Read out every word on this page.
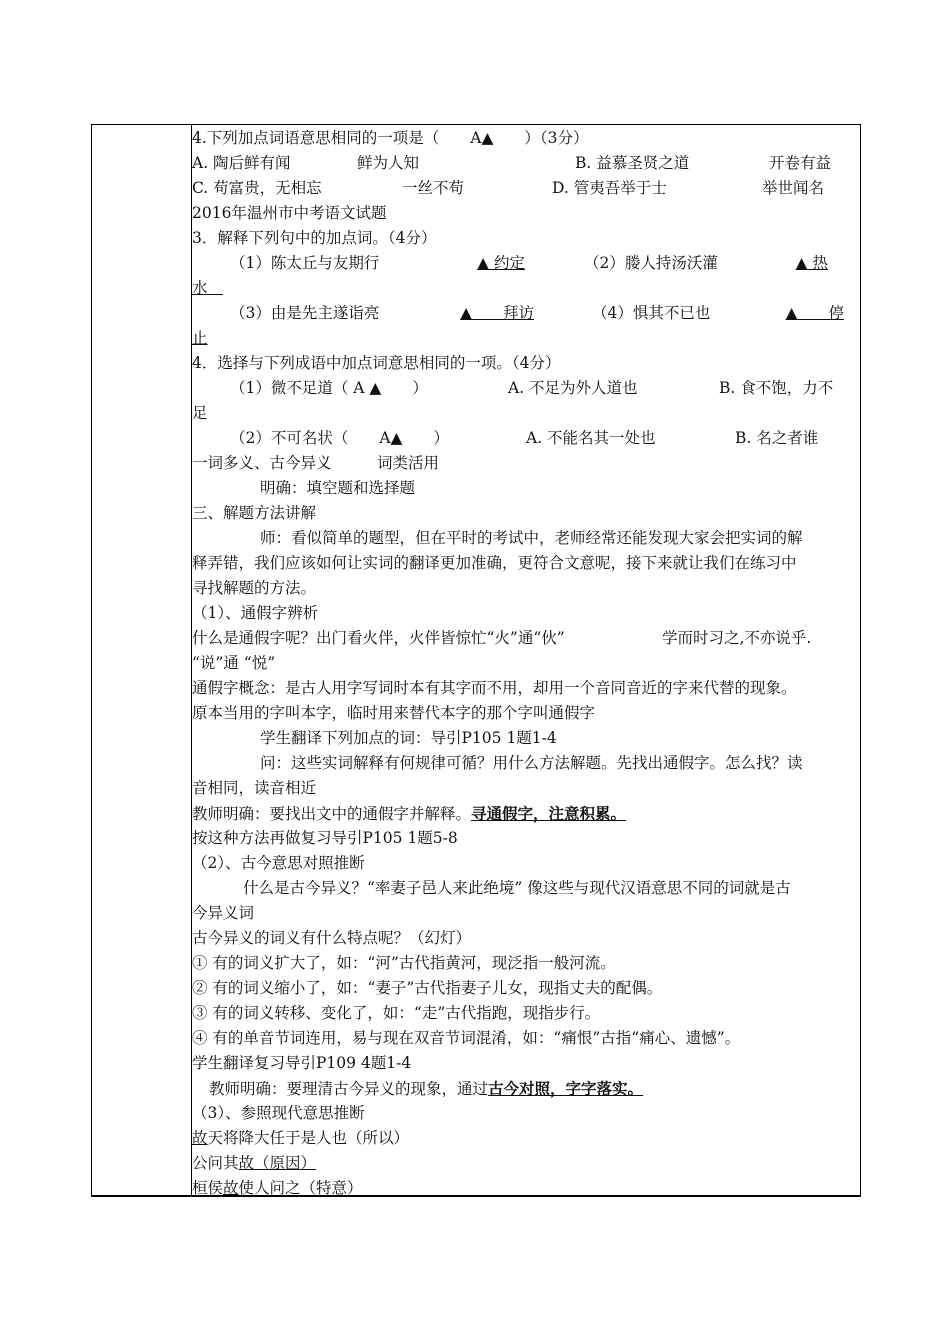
4.下列加点词语意思相同的一项是（　　A▲　　）（3分）
A. 陶后鲜有闻	鲜为人知	B. 益慕圣贤之道	开卷有益
C. 苟富贵，无相忘	一丝不苟	D. 管夷吾举于士	举世闻名
2016年温州市中考语文试题
3．解释下列句中的加点词。（4分）
（1）陈太丘与友期行	▲ 约定	（2）媵人持汤沃灌	▲ 热
水　
（3）由是先主遂诣亮	▲　　拜访	（4）惧其不已也	▲　　停
止
4．选择与下列成语中加点词意思相同的一项。（4分）
（1）微不足道（ A ▲　　）	A. 不足为外人道也	B. 食不饱，力不
足
（2）不可名状（　　A▲　　）	A. 不能名其一处也	B. 名之者谁
一词多义、古今异义	词类活用
明确：填空题和选择题
三、解题方法讲解
师：看似简单的题型，但在平时的考试中，老师经常还能发现大家会把实词的解
释弄错，我们应该如何让实词的翻译更加准确，更符合文意呢，接下来就让我们在练习中
寻找解题的方法。
（1）、通假字辨析
什么是通假字呢？出门看火伴，火伴皆惊忙“火”通“伙”	学而时习之,不亦说乎.
“说”通 “悦”
通假字概念：是古人用字写词时本有其字而不用，却用一个音同音近的字来代替的现象。
原本当用的字叫本字，临时用来替代本字的那个字叫通假字
学生翻译下列加点的词：导引P105 1题1-4
问：这些实词解释有何规律可循？用什么方法解题。先找出通假字。怎么找？读
音相同，读音相近
教师明确：要找出文中的通假字并解释。寻通假字，注意积累。
按这种方法再做复习导引P105 1题5-8
（2）、古今意思对照推断
什么是古今异义？“率妻子邑人来此绝境” 像这些与现代汉语意思不同的词就是古
今异义词
古今异义的词义有什么特点呢？（幻灯）
① 有的词义扩大了，如：“河”古代指黄河，现泛指一般河流。
② 有的词义缩小了，如：“妻子”古代指妻子儿女，现指丈夫的配偶。
③ 有的词义转移、变化了，如：“走”古代指跑，现指步行。
④ 有的单音节词连用，易与现在双音节词混淆，如：“痛恨”古指“痛心、遗憾”。
学生翻译复习导引P109 4题1-4
教师明确：要理清古今异义的现象，通过古今对照，字字落实。
（3）、参照现代意思推断
故天将降大任于是人也（所以）
公问其故（原因）
桓侯故使人问之（特意）
